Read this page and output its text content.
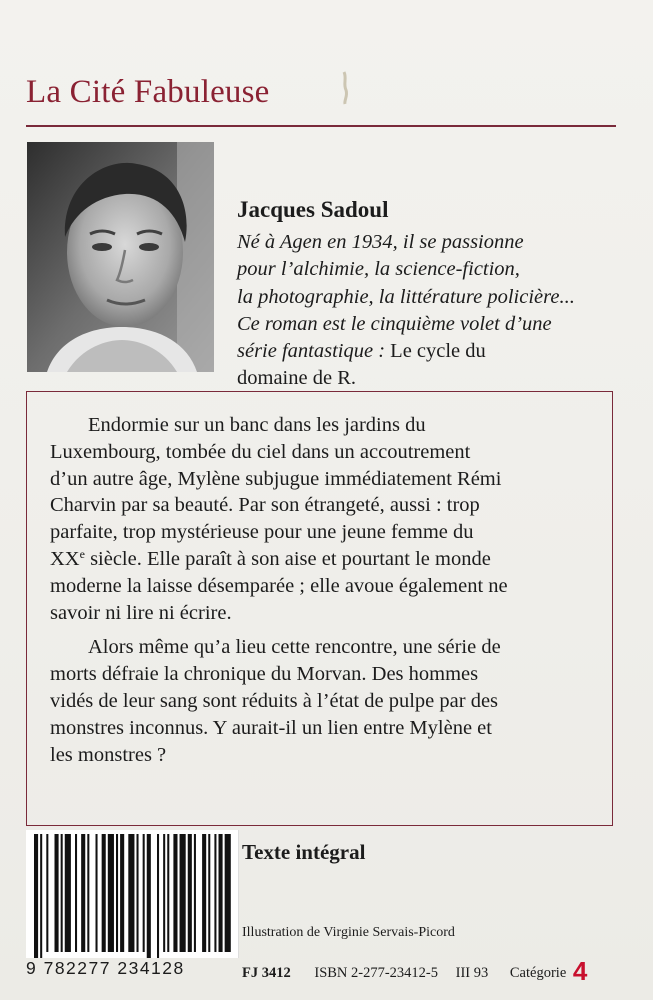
La Cité Fabuleuse
Jacques Sadoul

Né à Agen en 1934, il se passionne

pour l’alchimie, la science-fiction,

la photographie, la littérature policière...

Ce roman est le cinquième volet d’une

série fantastique : Le cycle du

domaine de R.

Endormie sur un banc dans les jardins du

Luxembourg, tombée du ciel dans un accoutrement

d’un autre âge, Mylène subjugue immédiatement Rémi

Charvin par sa beauté. Par son étrangeté, aussi : trop

parfaite, trop mystérieuse pour une jeune femme du

XXe siècle. Elle paraît à son aise et pourtant le monde

moderne la laisse désemparée ; elle avoue également ne

savoir ni lire ni écrire.

Alors même qu’a lieu cette rencontre, une série de

morts défraie la chronique du Morvan. Des hommes

vidés de leur sang sont réduits à l’état de pulpe par des

monstres inconnus. Y aurait-il un lien entre Mylène et

les monstres ?

9 782277 234128
Texte intégral
Illustration de Virginie Servais-Picord
FJ 3412 ISBN 2-277-23412-5 III 93 Catégorie 4
